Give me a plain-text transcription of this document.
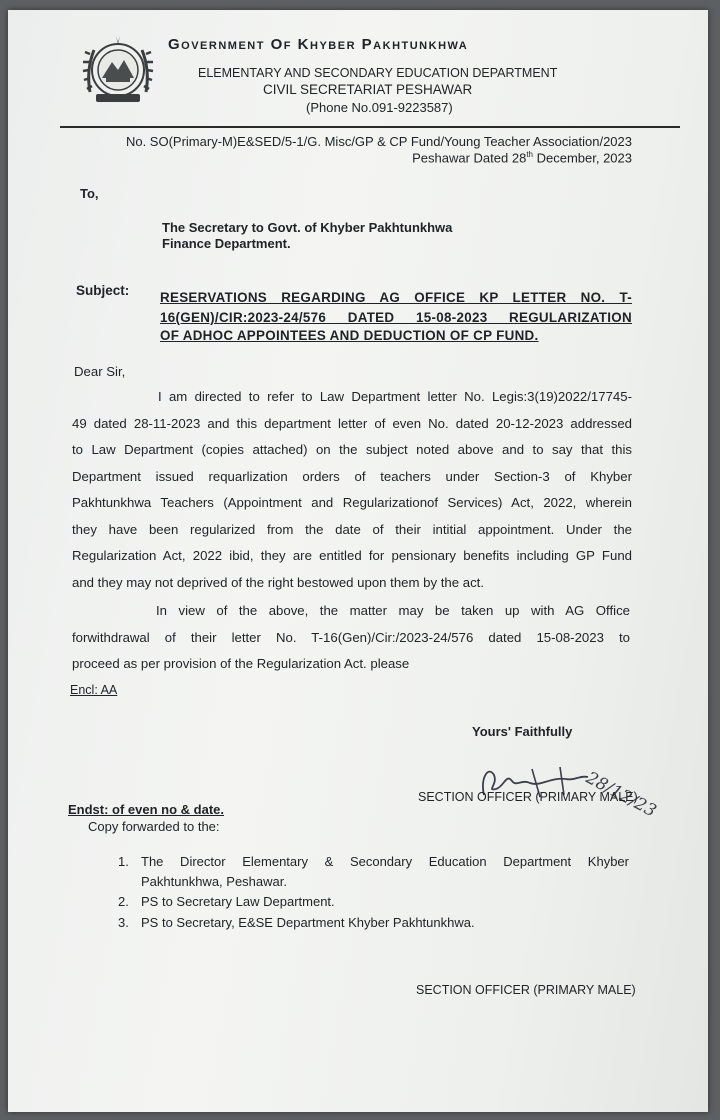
Government Of Khyber Pakhtunkhwa
ELEMENTARY AND SECONDARY EDUCATION DEPARTMENT
CIVIL SECRETARIAT PESHAWAR
(Phone No.091-9223587)
No. SO(Primary-M)E&SED/5-1/G. Misc/GP & CP Fund/Young Teacher Association/2023
Peshawar Dated 28th December, 2023
To,
The Secretary to Govt. of Khyber Pakhtunkhwa
Finance Department.
Subject: RESERVATIONS REGARDING AG OFFICE KP LETTER NO. T-
16(GEN)/CIR:2023-24/576 DATED 15-08-2023 REGULARIZATION
OF ADHOC APPOINTEES AND DEDUCTION OF CP FUND.
Dear Sir,
I am directed to refer to Law Department letter No. Legis:3(19)2022/17745-
49 dated 28-11-2023 and this department letter of even No. dated 20-12-2023 addressed
to Law Department (copies attached) on the subject noted above and to say that this
Department issued requarlization orders of teachers under Section-3 of Khyber
Pakhtunkhwa Teachers (Appointment and Regularizationof Services) Act, 2022, wherein
they have been regularized from the date of their intitial appointment. Under the
Regularization Act, 2022 ibid, they are entitled for pensionary benefits including GP Fund
and they may not deprived of the right bestowed upon them by the act.
In view of the above, the matter may be taken up with AG Office
forwithdrawal of their letter No. T-16(Gen)/Cir:/2023-24/576 dated 15-08-2023 to
proceed as per provision of the Regularization Act. please
Encl: AA
Yours' Faithfully
28/12/23
SECTION OFFICER (PRIMARY MALE)
Endst: of even no & date.
Copy forwarded to the:
1. The Director Elementary & Secondary Education Department Khyber
Pakhtunkhwa, Peshawar.
2. PS to Secretary Law Department.
3. PS to Secretary, E&SE Department Khyber Pakhtunkhwa.
SECTION OFFICER (PRIMARY MALE)
